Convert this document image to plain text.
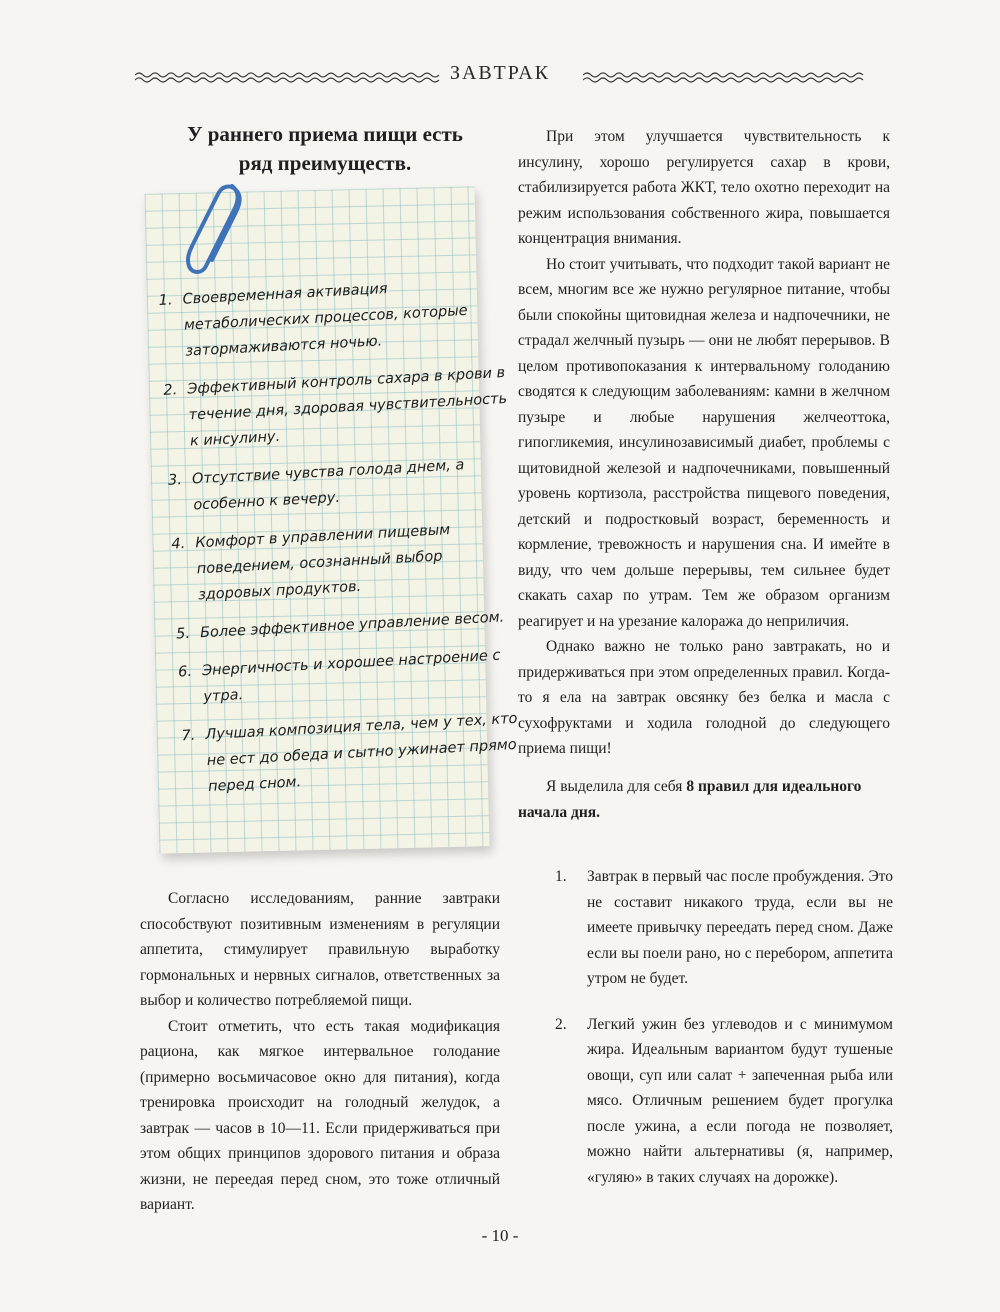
ЗАВТРАК
У раннего приема пищи есть ряд преимуществ.
1. Своевременная активация метаболических процессов, которые затормаживаются ночью.
2. Эффективный контроль сахара в крови в течение дня, здоровая чувствительность к инсулину.
3. Отсутствие чувства голода днем, а особенно к вечеру.
4. Комфорт в управлении пищевым поведением, осознанный выбор здоровых продуктов.
5. Более эффективное управление весом.
6. Энергичность и хорошее настроение с утра.
7. Лучшая композиция тела, чем у тех, кто не ест до обеда и сытно ужинает прямо перед сном.

Согласно исследованиям, ранние завтраки способствуют позитивным изменениям в регуляции аппетита, стимулирует правильную выработку гормональных и нервных сигналов, ответственных за выбор и количество потребляемой пищи.

Стоит отметить, что есть такая модификация рациона, как мягкое интервальное голодание (примерно восьмичасовое окно для питания), когда тренировка происходит на голодный желудок, а завтрак — часов в 10—11. Если придерживаться при этом общих принципов здорового питания и образа жизни, не переедая перед сном, это тоже отличный вариант.

При этом улучшается чувствительность к инсулину, хорошо регулируется сахар в крови, стабилизируется работа ЖКТ, тело охотно переходит на режим использования собственного жира, повышается концентрация внимания.

Но стоит учитывать, что подходит такой вариант не всем, многим все же нужно регулярное питание, чтобы были спокойны щитовидная железа и надпочечники, не страдал желчный пузырь — они не любят перерывов. В целом противопоказания к интервальному голоданию сводятся к следующим заболеваниям: камни в желчном пузыре и любые нарушения желчеоттока, гипогликемия, инсулинозависимый диабет, проблемы с щитовидной железой и надпочечниками, повышенный уровень кортизола, расстройства пищевого поведения, детский и подростковый возраст, беременность и кормление, тревожность и нарушения сна. И имейте в виду, что чем дольше перерывы, тем сильнее будет скакать сахар по утрам. Тем же образом организм реагирует и на урезание калоража до неприличия.

Однако важно не только рано завтракать, но и придерживаться при этом определенных правил. Когда-то я ела на завтрак овсянку без белка и масла с сухофруктами и ходила голодной до следующего приема пищи!

Я выделила для себя 8 правил для идеального начала дня.
1.	Завтрак в первый час после пробуждения. Это не составит никакого труда, если вы не имеете привычку переедать перед сном. Даже если вы поели рано, но с перебором, аппетита утром не будет.
2.	Легкий ужин без углеводов и с минимумом жира. Идеальным вариантом будут тушеные овощи, суп или салат + запеченная рыба или мясо. Отличным решением будет прогулка после ужина, а если погода не позволяет, можно найти альтернативы (я, например, «гуляю» в таких случаях на дорожке).
- 10 -
